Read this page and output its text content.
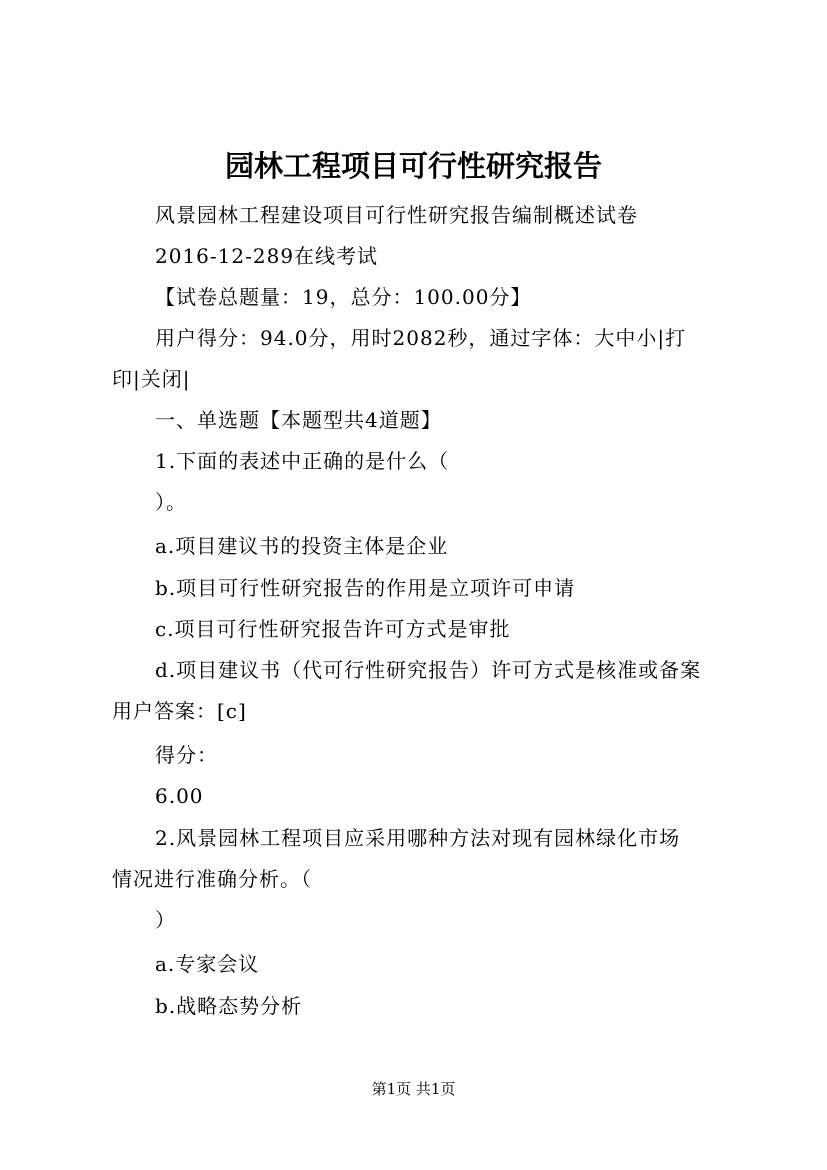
园林工程项目可行性研究报告
风景园林工程建设项目可行性研究报告编制概述试卷
2016-12-289在线考试
【试卷总题量：19，总分：100.00分】
用户得分：94.0分，用时2082秒，通过字体：大中小|打
印|关闭|
一、单选题【本题型共4道题】
1.下面的表述中正确的是什么（
）。
a.项目建议书的投资主体是企业
b.项目可行性研究报告的作用是立项许可申请
c.项目可行性研究报告许可方式是审批
d.项目建议书（代可行性研究报告）许可方式是核准或备案
用户答案：[c]
得分：
6.00
2.风景园林工程项目应采用哪种方法对现有园林绿化市场
情况进行准确分析。（
）
a.专家会议
b.战略态势分析
第1页 共1页
